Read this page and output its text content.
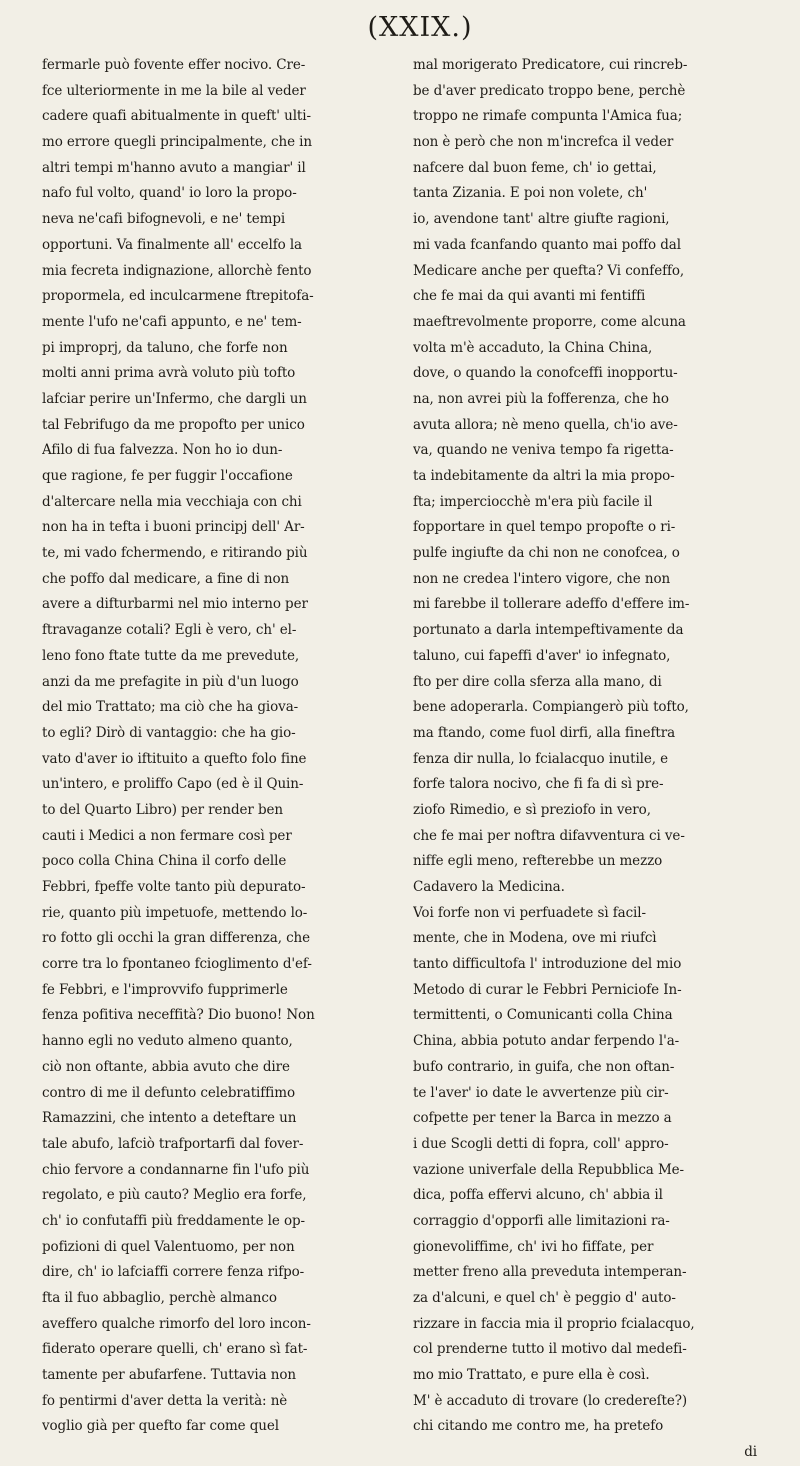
(XXIX.)
fermarle può fovente effer nocivo. Cre-
fce ulteriormente in me la bile al veder
cadere quafi abitualmente in queft' ulti-
mo errore quegli principalmente, che in
altri tempi m'hanno avuto a mangiar' il
nafo ful volto, quand' io loro la propo-
neva ne'cafi bifognevoli, e ne' tempi
opportuni. Va finalmente all' eccelfo la
mia fecreta indignazione, allorchè fento
propormela, ed inculcarmene ftrepitofa-
mente l'ufo ne'cafi appunto, e ne' tem-
pi improprj, da taluno, che forfe non
molti anni prima avrà voluto più tofto
lafciar perire un'Infermo, che dargli un
tal Febrifugo da me propofto per unico
Afilo di fua falvezza. Non ho io dun-
que ragione, fe per fuggir l'occafione
d'altercare nella mia vecchiaja con chi
non ha in tefta i buoni principj dell' Ar-
te, mi vado fchermendo, e ritirando più
che poffo dal medicare, a fine di non
avere a difturbarmi nel mio interno per
ftravaganze cotali? Egli è vero, ch' el-
leno fono ftate tutte da me prevedute,
anzi da me prefagite in più d'un luogo
del mio Trattato; ma ciò che ha giova-
to egli? Dirò di vantaggio: che ha gio-
vato d'aver io iftituito a quefto folo fine
un'intero, e proliffo Capo (ed è il Quin-
to del Quarto Libro) per render ben
cauti i Medici a non fermare così per
poco colla China China il corfo delle
Febbri, fpeffe volte tanto più depurato-
rie, quanto più impetuofe, mettendo lo-
ro fotto gli occhi la gran differenza, che
corre tra lo fpontaneo fcioglimento d'ef-
fe Febbri, e l'improvvifo fupprimerle
fenza pofitiva neceffità? Dio buono! Non
hanno egli no veduto almeno quanto,
ciò non oftante, abbia avuto che dire
contro di me il defunto celebratiffimo
Ramazzini, che intento a deteftare un
tale abufo, lafciò trafportarfi dal fover-
chio fervore a condannarne fin l'ufo più
regolato, e più cauto? Meglio era forfe,
ch' io confutaffi più freddamente le op-
pofizioni di quel Valentuomo, per non
dire, ch' io lafciaffi correre fenza rifpo-
fta il fuo abbaglio, perchè almanco
aveffero qualche rimorfo del loro incon-
fiderato operare quelli, ch' erano sì fat-
tamente per abufarfene. Tuttavia non
fo pentirmi d'aver detta la verità: nè
voglio già per quefto far come quel
mal morigerato Predicatore, cui rincreb-
be d'aver predicato troppo bene, perchè
troppo ne rimafe compunta l'Amica fua;
non è però che non m'increfca il veder
nafcere dal buon feme, ch' io gettai,
tanta Zizania. E poi non volete, ch'
io, avendone tant' altre giufte ragioni,
mi vada fcanfando quanto mai poffo dal
Medicare anche per quefta? Vi confeffo,
che fe mai da qui avanti mi fentiffi
maeftrevolmente proporre, come alcuna
volta m'è accaduto, la China China,
dove, o quando la conofceffi inopportu-
na, non avrei più la fofferenza, che ho
avuta allora; nè meno quella, ch'io ave-
va, quando ne veniva tempo fa rigetta-
ta indebitamente da altri la mia propo-
fta; imperciocchè m'era più facile il
fopportare in quel tempo propofte o ri-
pulfe ingiufte da chi non ne conofcea, o
non ne credea l'intero vigore, che non
mi farebbe il tollerare adeffo d'effere im-
portunato a darla intempeftivamente da
taluno, cui fapeffi d'aver' io infegnato,
fto per dire colla sferza alla mano, di
bene adoperarla. Compiangerò più tofto,
ma ftando, come fuol dirfi, alla fineftra
fenza dir nulla, lo fcialacquo inutile, e
forfe talora nocivo, che fi fa di sì pre-
ziofo Rimedio, e sì preziofo in vero,
che fe mai per noftra difavventura ci ve-
niffe egli meno, refterebbe un mezzo
Cadavero la Medicina.
Voi forfe non vi perfuadete sì facil-
mente, che in Modena, ove mi riufcì
tanto difficultofa l' introduzione del mio
Metodo di curar le Febbri Perniciofe In-
termittenti, o Comunicanti colla China
China, abbia potuto andar ferpendo l'a-
bufo contrario, in guifa, che non oftan-
te l'aver' io date le avvertenze più cir-
cofpette per tener la Barca in mezzo a
i due Scogli detti di fopra, coll' appro-
vazione univerfale della Repubblica Me-
dica, poffa effervi alcuno, ch' abbia il
corraggio d'opporfi alle limitazioni ra-
gionevoliffime, ch' ivi ho fiffate, per
metter freno alla preveduta intemperan-
za d'alcuni, e quel ch' è peggio d' auto-
rizzare in faccia mia il proprio fcialacquo,
col prenderne tutto il motivo dal medefi-
mo mio Trattato, e pure ella è così.
M' è accaduto di trovare (lo credereſte?)
chi citando me contro me, ha pretefo
di
